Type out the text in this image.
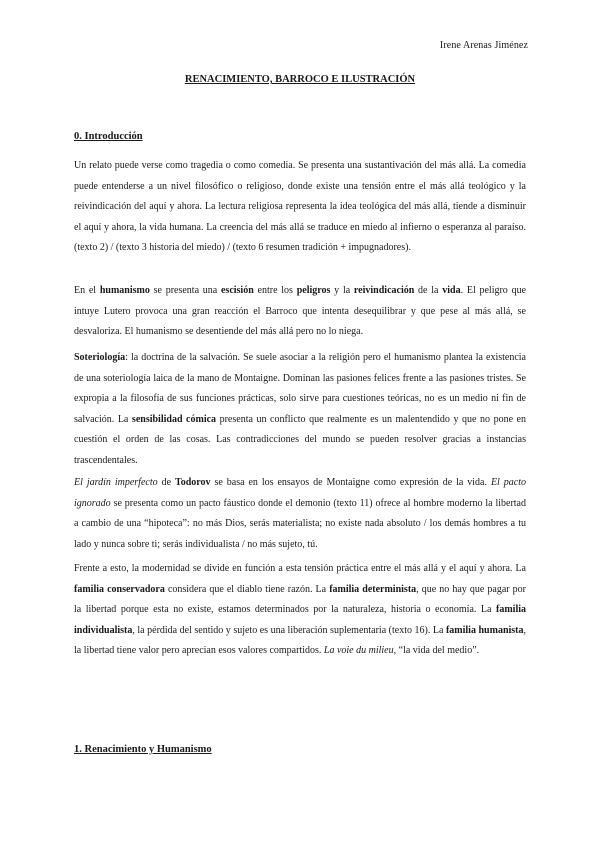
Irene Arenas Jiménez
RENACIMIENTO, BARROCO E ILUSTRACIÓN
0. Introducción

Un relato puede verse como tragedia o como comedia. Se presenta una sustantivación del más allá. La comedia puede entenderse a un nivel filosófico o religioso, donde existe una tensión entre el más allá teológico y la reivindicación del aquí y ahora. La lectura religiosa representa la idea teológica del más allá, tiende a disminuir el aquí y ahora, la vida humana. La creencia del más allá se traduce en miedo al infierno o esperanza al paraíso. (texto 2) / (texto 3 historia del miedo) / (texto 6 resumen tradición + impugnadores).

En el humanismo se presenta una escisión entre los peligros y la reivindicación de la vida. El peligro que intuye Lutero provoca una gran reacción el Barroco que intenta desequilibrar y que pese al más allá, se desvaloriza. El humanismo se desentiende del más allá pero no lo niega.

Soteriología: la doctrina de la salvación. Se suele asociar a la religión pero el humanismo plantea la existencia de una soteriología laica de la mano de Montaigne. Dominan las pasiones felices frente a las pasiones tristes. Se expropia a la filosofía de sus funciones prácticas, solo sirve para cuestiones teóricas, no es un medio ni fin de salvación. La sensibilidad cómica presenta un conflicto que realmente es un malentendido y que no pone en cuestión el orden de las cosas. Las contradicciones del mundo se pueden resolver gracias a instancias trascendentales.

El jardín imperfecto de Todorov se basa en los ensayos de Montaigne como expresión de la vida. El pacto ignorado se presenta como un pacto fáustico donde el demonio (texto 11) ofrece al hombre moderno la libertad a cambio de una “hipoteca”: no más Dios, serás materialista; no existe nada absoluto / los demás hombres a tu lado y nunca sobre ti; serás individualista / no más sujeto, tú.

Frente a esto, la modernidad se divide en función a esta tensión práctica entre el más allá y el aquí y ahora. La familia conservadora considera que el diablo tiene razón. La familia determinista, que no hay que pagar por la libertad porque esta no existe, estamos determinados por la naturaleza, historia o economía. La familia individualista, la pérdida del sentido y sujeto es una liberación suplementaria (texto 16). La familia humanista, la libertad tiene valor pero aprecian esos valores compartidos. La voie du milieu, “la vida del medio”.

1. Renacimiento y Humanismo
